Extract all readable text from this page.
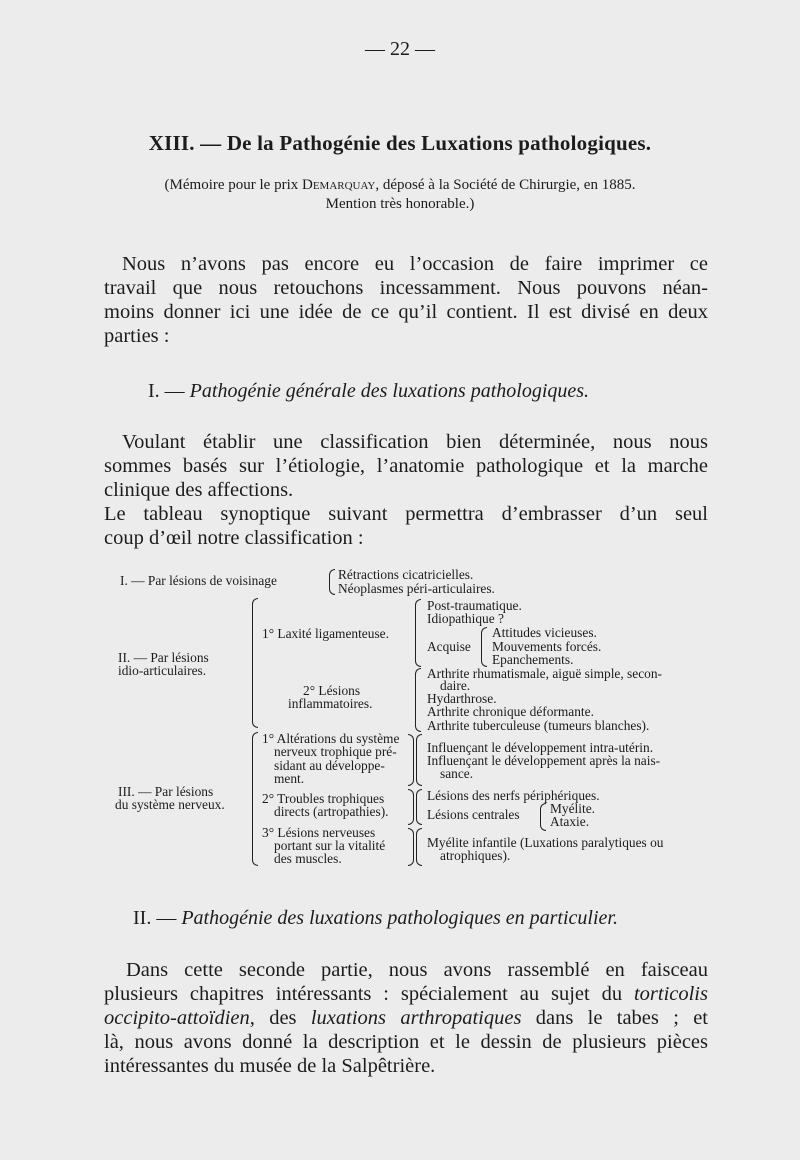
— 22 —
XIII. — De la Pathogénie des Luxations pathologiques.
(Mémoire pour le prix Demarquay, déposé à la Société de Chirurgie, en 1885.
Mention très honorable.)
Nous n’avons pas encore eu l’occasion de faire imprimer ce
travail que nous retouchons incessamment. Nous pouvons néan-
moins donner ici une idée de ce qu’il contient. Il est divisé en deux
parties :
I. — Pathogénie générale des luxations pathologiques.
Voulant établir une classification bien déterminée, nous nous
sommes basés sur l’étiologie, l’anatomie pathologique et la marche
clinique des affections.
Le tableau synoptique suivant permettra d’embrasser d’un seul
coup d’œil notre classification :
I. — Par lésions de voisinage	Rétractions cicatricielles.
Néoplasmes péri-articulaires.
II. — Par lésions
idio-articulaires.
1° Laxité ligamenteuse.
Post-traumatique.
Idiopathique ?
Acquise
Attitudes vicieuses.
Mouvements forcés.
Epanchements.
2° Lésions
inflammatoires.
Arthrite rhumatismale, aiguë simple, secon-
daire.
Hydarthrose.
Arthrite chronique déformante.
Arthrite tuberculeuse (tumeurs blanches).
III. — Par lésions
du système nerveux.
1° Altérations du système
nerveux trophique pré-
sidant au développe-
ment.
Influençant le développement intra-utérin.
Influençant le développement après la nais-
sance.
2° Troubles trophiques
directs (artropathies).
Lésions des nerfs périphériques.
Lésions centrales Myélite.
Ataxie.
3° Lésions nerveuses
portant sur la vitalité
des muscles.
Myélite infantile (Luxations paralytiques ou
atrophiques).
II. — Pathogénie des luxations pathologiques en particulier.
Dans cette seconde partie, nous avons rassemblé en faisceau
plusieurs chapitres intéressants : spécialement au sujet du torticolis
occipito-attoïdien, des luxations arthropatiques dans le tabes ; et
là, nous avons donné la description et le dessin de plusieurs pièces
intéressantes du musée de la Salpêtrière.
